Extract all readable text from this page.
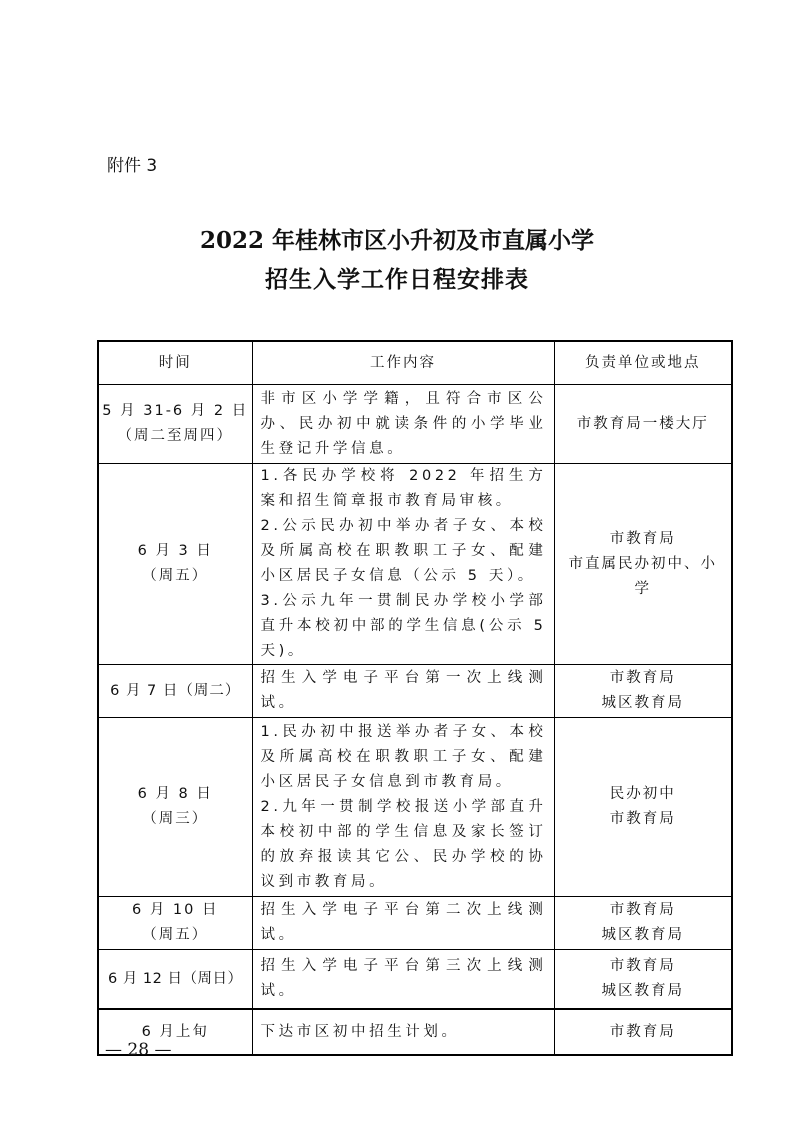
附件 3
2022 年桂林市区小升初及市直属小学
招生入学工作日程安排表
时间	工作内容	负责单位或地点

5 月 31-6 月 2 日
（周二至周四）	非市区小学学籍，且符合市区公办、民办初中就读条件的小学毕业生登记升学信息。	市教育局一楼大厅

6 月 3 日
（周五）	1.各民办学校将 2022 年招生方案和招生简章报市教育局审核。
2.公示民办初中举办者子女、本校及所属高校在职教职工子女、配建小区居民子女信息（公示 5 天）。
3.公示九年一贯制民办学校小学部直升本校初中部的学生信息(公示 5 天)。	市教育局
市直属民办初中、小学

6 月 7 日（周二）	招生入学电子平台第一次上线测试。	市教育局
城区教育局

6 月 8 日
（周三）	1.民办初中报送举办者子女、本校及所属高校在职教职工子女、配建小区居民子女信息到市教育局。
2.九年一贯制学校报送小学部直升本校初中部的学生信息及家长签订的放弃报读其它公、民办学校的协议到市教育局。	民办初中
市教育局

6 月 10 日
（周五）	招生入学电子平台第二次上线测试。	市教育局
城区教育局

6 月 12 日（周日）	招生入学电子平台第三次上线测试。	市教育局
城区教育局

6 月上旬	下达市区初中招生计划。	市教育局
— 28 —
